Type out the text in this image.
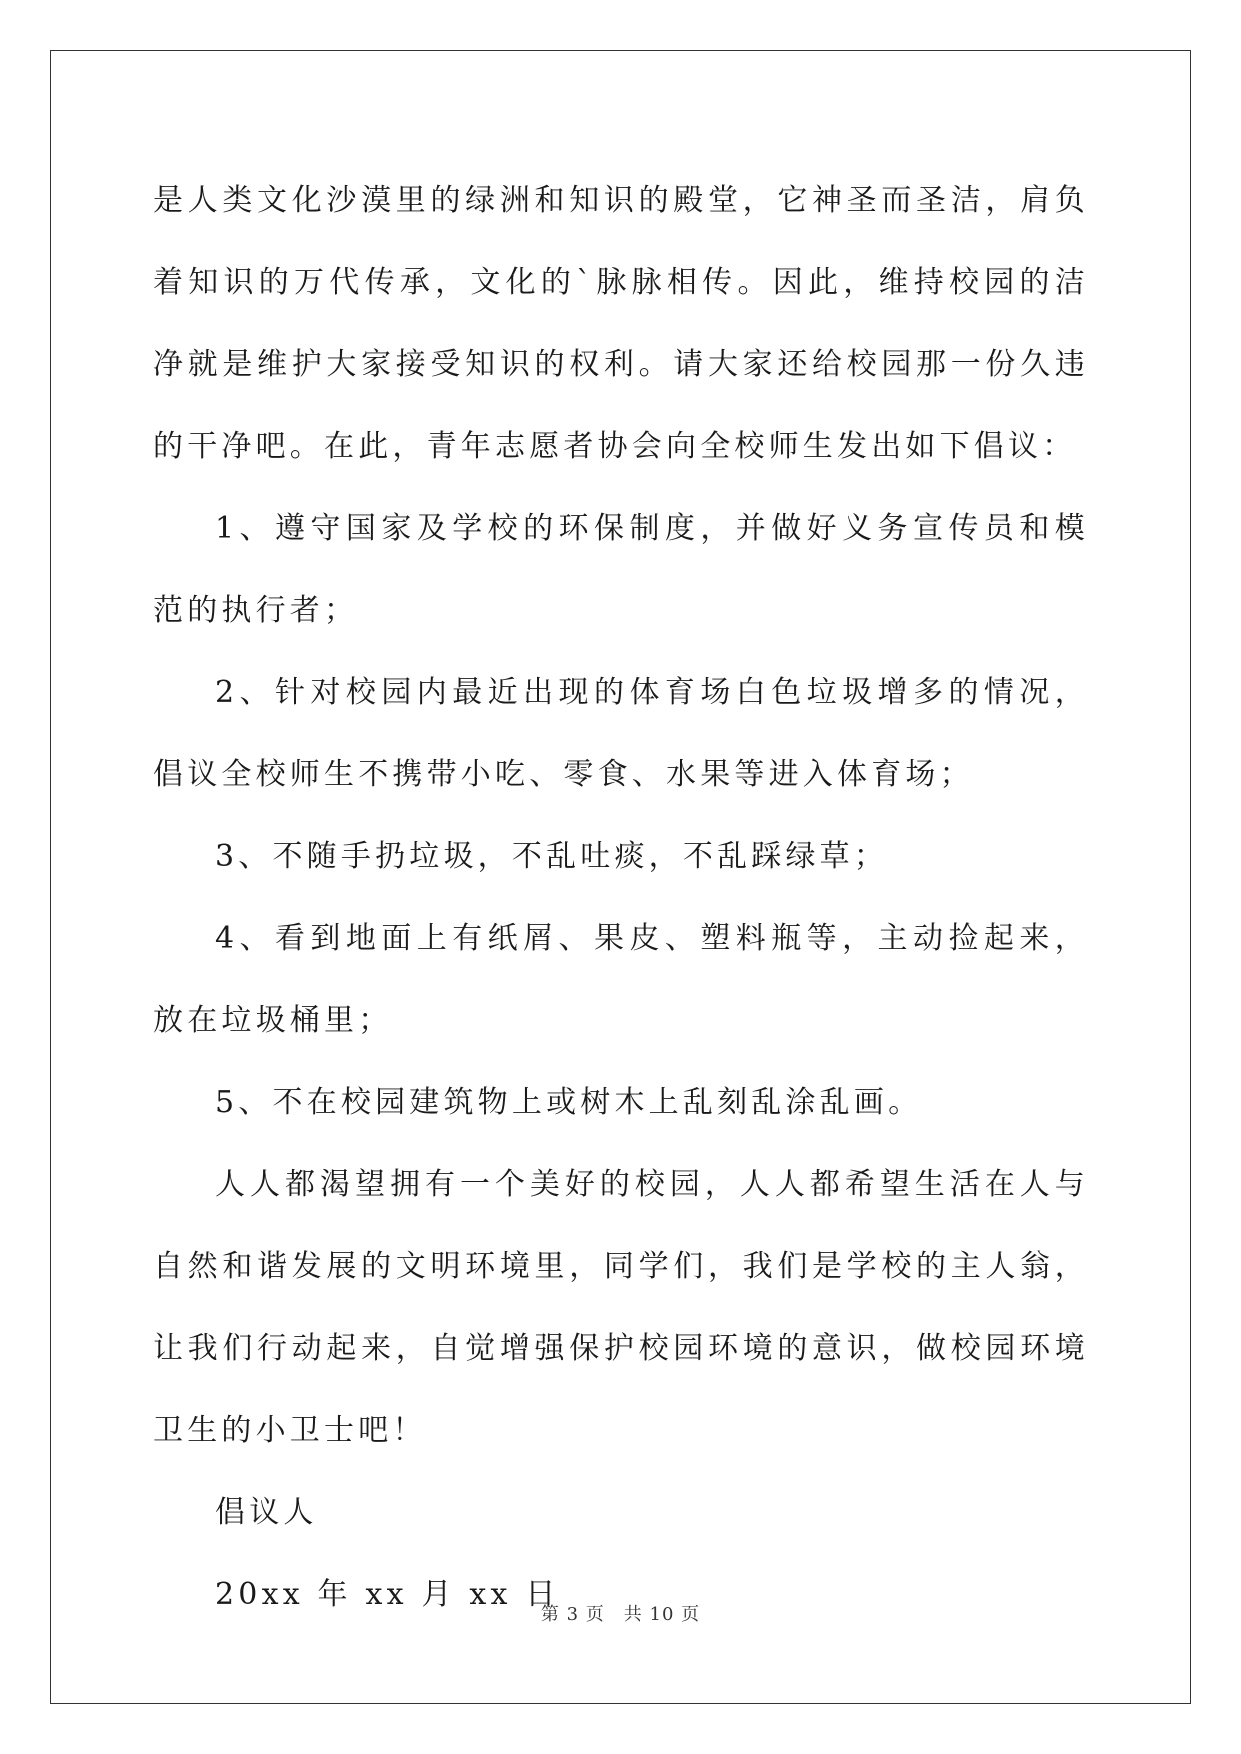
是人类文化沙漠里的绿洲和知识的殿堂，它神圣而圣洁，肩负着知识的万代传承，文化的`脉脉相传。因此，维持校园的洁净就是维护大家接受知识的权利。请大家还给校园那一份久违的干净吧。在此，青年志愿者协会向全校师生发出如下倡议：

1、遵守国家及学校的环保制度，并做好义务宣传员和模范的执行者；

2、针对校园内最近出现的体育场白色垃圾增多的情况，倡议全校师生不携带小吃、零食、水果等进入体育场；

3、不随手扔垃圾，不乱吐痰，不乱踩绿草；

4、看到地面上有纸屑、果皮、塑料瓶等，主动捡起来，放在垃圾桶里；

5、不在校园建筑物上或树木上乱刻乱涂乱画。

人人都渴望拥有一个美好的校园，人人都希望生活在人与自然和谐发展的文明环境里，同学们，我们是学校的主人翁，让我们行动起来，自觉增强保护校园环境的意识，做校园环境卫生的小卫士吧！

倡议人

20xx 年 xx 月 xx 日

第 3 页　共 10 页
